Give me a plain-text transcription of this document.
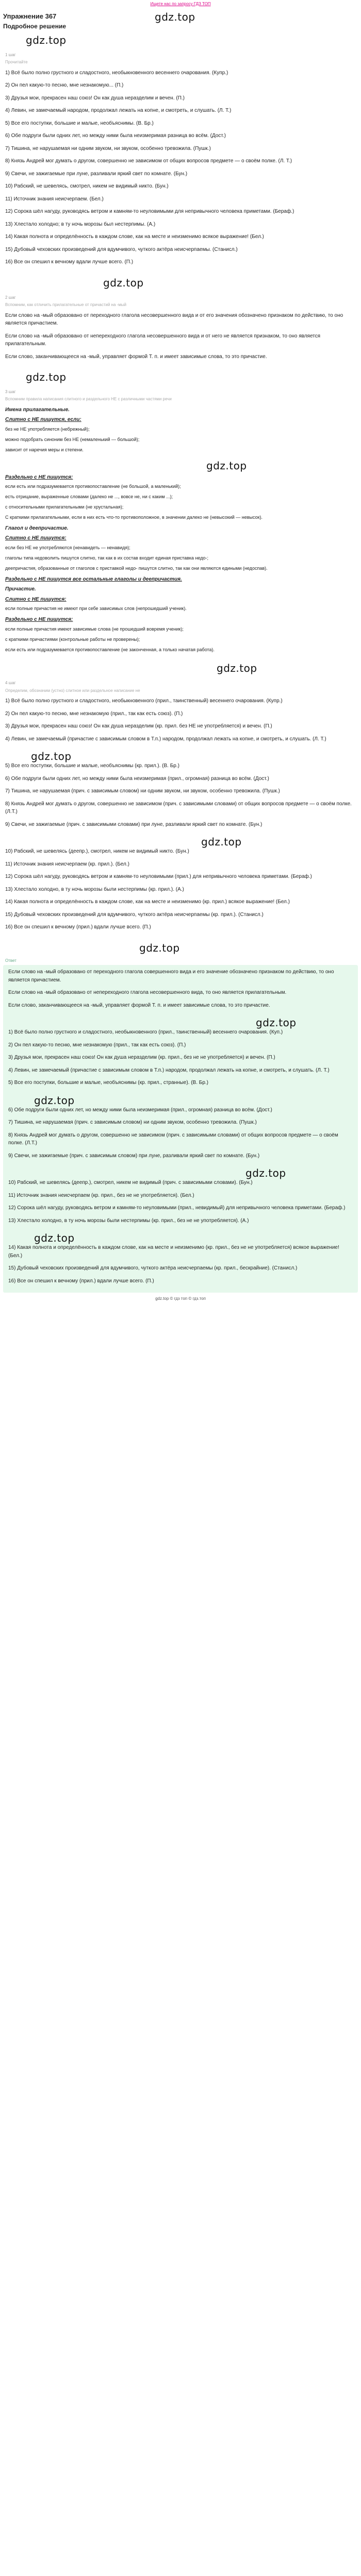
Ищете нас по запросу ГДЗ ТОП
Упражнение 367	gdz.top
Подробное решение
gdz.top
1 шаг
Прочитайте
1) Всё было полно грустного и сладостного, необыкновенного весеннего очарования. (Купр.)
2) Он пел какую-то песню, мне незнакомую... (П.)
3) Друзья мои, прекрасен наш союз! Он как душа неразделим и вечен. (П.)
4) Левин, не замечаемый народом, продолжал лежать на копне, и смотреть, и слушать. (Л. Т.)
5) Все его поступки, большие и малые, необъяснимы. (В. Бр.)
6) Обе подруги были одних лет, но между ними была неизмеримая разница во всём. (Дост.)
7) Тишина, не нарушаемая ни одним звуком, ни звуком, особенно тревожила. (Пушк.)
8) Князь Андрей мог думать о другом, совершенно не зависимом от общих вопросов предмете — о своём полке. (Л. Т.)
9) Свечи, не зажигаемые при луне, разливали яркий свет по комнате. (Бун.)
10) Рабский, не шевелясь, смотрел, никем не видимый никто. (Бун.)
11) Источник знания неисчерпаем. (Бел.)
12) Сорока шёл нагуду, руководясь ветром и камням-то неуловимыми для непривычного человека приметами. (Бераф.)
13) Хлестало холодно; в ту ночь морозы был нестерпимы. (А.)
14) Какая полнота и определённость в каждом слове, как на месте и неизменимо всякое выражение! (Бел.)
15) Дубовый чеховских произведений для вдумчивого, чуткого актёра неисчерпаемы. (Станисл.)
16) Все он спешил к вечному вдали лучше всего. (П.)
gdz.top
2 шаг
Вспомним, как отличить прилагательные от причастий на -мый
Если слово на -мый образовано от переходного глагола несовершенного вида и от его значения обозначено признаком по действию, то оно является причастием.
Если слово на -мый образовано от непереходного глагола несовершенного вида и от него не является признаком, то оно является прилагательным.
Если слово, заканчивающееся на -мый, управляет формой Т. п. и имеет зависимые слова, то это причастие.
gdz.top
3 шаг
Вспомним правила написания слитного и раздельного НЕ с различными частями речи
Имена прилагательные.
Слитно с НЕ пишутся, если:
без не НЕ употребляется (небрежный);
можно подобрать синоним без НЕ (немаленький — большой);
зависит от наречия меры и степени.
gdz.top
Раздельно с НЕ пишутся:
если есть или подразумевается противопоставление (не большой, а маленький);
есть отрицание, выраженные словами (далеко не ..., вовсе не, ни с каким ...);
с относительными прилагательными (не хрустальная);
С краткими прилагательными, если в них есть что-то противоположное, в значении далеко не (невысокий — невысок).
Глагол и деепричастие.
Слитно с НЕ пишутся:
если без НЕ не употребляются (ненавидеть — ненавидя);
глаголы типа недоволить пишутся слитно, так как в их состав входит единая приставка недо-;
деепричастия, образованные от глаголов с приставкой недо- пишутся слитно, так как они являются едиными (недоспав).
Раздельно с НЕ пишутся все остальные глаголы и деепричастия.
Причастие.
Слитно с НЕ пишутся:
если полные причастия не имеют при себе зависимых слов (непрошедший ученик).
Раздельно с НЕ пишутся:
если полные причастия имеют зависимые слова (не прошедший вовремя ученик);
с краткими причастиями (контрольные работы не проверены);
если есть или подразумевается противопоставление (не законченная, а только начатая работа).
gdz.top
4 шаг
Определим, обозначим (устно) слитное или раздельное написание не
1) Всё было полно грустного и сладостного, необыкновенного (прил., таинственный) весеннего очарования. (Купр.)
2) Он пел какую-то песню, мне незнакомую (прил., так как есть союз). (П.)
3) Друзья мои, прекрасен наш союз! Он как душа неразделим (кр. прил. без НЕ не употребляется) и вечен. (П.)
4) Левин, не замечаемый (причастие с зависимым словом в Т.п.) народом, продолжал лежать на копне, и смотреть, и слушать. (Л. Т.)
gdz.top
5) Все его поступки, большие и малые, необъяснимы (кр. прил.). (В. Бр.)
6) Обе подруги были одних лет, но между ними была неизмеримая (прил., огромная) разница во всём. (Дост.)
7) Тишина, не нарушаемая (прич. с зависимым словом) ни одним звуком, ни звуком, особенно тревожила. (Пушк.)
8) Князь Андрей мог думать о другом, совершенно не зависимом (прич. с зависимыми словами) от общих вопросов предмете — о своём полке. (Л.Т.)
9) Свечи, не зажигаемые (прич. с зависимыми словами) при луне, разливали яркий свет по комнате. (Бун.)
gdz.top
10) Рабский, не шевелясь (деепр.), смотрел, никем не видимый никто. (Бун.)
11) Источник знания неисчерпаем (кр. прил.). (Бел.)
12) Сорока шёл нагуду, руководясь ветром и камням-то неуловимыми (прил.) для непривычного человека приметами. (Бераф.)
13) Хлестало холодно, в ту ночь морозы были нестерпимы (кр. прил.). (А.)
14) Какая полнота и определённость в каждом слове, как на месте и неизменимо (кр. прил.) всякое выражение! (Бел.)
15) Дубовый чеховских произведений для вдумчивого, чуткого актёра неисчерпаемы (кр. прил.). (Станисл.)
16) Все он спешил к вечному (прил.) вдали лучше всего. (П.)
gdz.top
Ответ
Если слово на -мый образовано от переходного глагола совершенного вида и его значение обозначено признаком по действию, то оно является причастием.
Если слово на -мый образовано от непереходного глагола несовершенного вида, то оно является прилагательным.
Если слово, заканчивающееся на -мый, управляет формой Т. п. и имеет зависимые слова, то это причастие.
gdz.top
1) Всё было полно грустного и сладостного, необыкновенного (прил., таинственный) весеннего очарования. (Куп.)
2) Он пел какую-то песню, мне незнакомую (прил., так как есть союз). (П.)
3) Друзья мои, прекрасен наш союз! Он как душа неразделим (кр. прил., без не не употребляется) и вечен. (П.)
4) Левин, не замечаемый (причастие с зависимым словом в Т.п.) народом, продолжал лежать на копне, и смотреть, и слушать. (Л. Т.)
5) Все его поступки, большие и малые, необъяснимы (кр. прил., странные). (В. Бр.)
gdz.top
6) Обе подруги были одних лет, но между ними была неизмеримая (прил., огромная) разница во всём. (Дост.)
7) Тишина, не нарушаемая (прич. с зависимым словом) ни одним звуком, особенно тревожила. (Пушк.)
8) Князь Андрей мог думать о другом, совершенно не зависимом (прич. с зависимыми словами) от общих вопросов предмете — о своём полке. (Л.Т.)
9) Свечи, не зажигаемые (прич. с зависимым словом) при луне, разливали яркий свет по комнате. (Бун.)
gdz.top
10) Рабский, не шевелясь (деепр.), смотрел, никем не видимый (прич. с зависимыми словами). (Бун.)
11) Источник знания неисчерпаем (кр. прил., без не не употребляется). (Бел.)
12) Сорока шёл нагуду, руководясь ветром и камням-то неуловимыми (прил., невидимый) для непривычного человека приметами. (Бераф.)
13) Хлестало холодно, в ту ночь морозы были нестерпимы (кр. прил., без не не употребляется). (А.)
gdz.top
14) Какая полнота и определённость в каждом слове, как на месте и неизменимо (кр. прил., без не не употребляется) всякое выражение! (Бел.)
15) Дубовый чеховских произведений для вдумчивого, чуткого актёра неисчерпаемы (кр. прил., бескрайние). (Станисл.)
16) Все он спешил к вечному (прил.) вдали лучше всего. (П.)
gdz.top © гдз топ © гдз.топ
